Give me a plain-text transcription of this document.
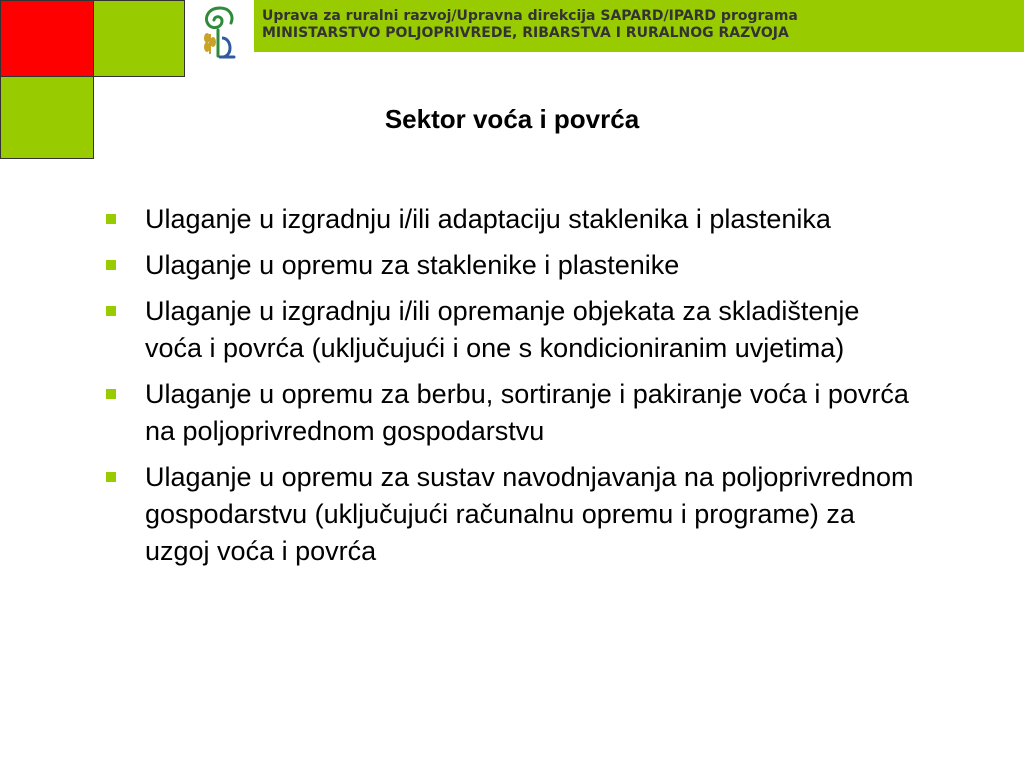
Uprava za ruralni razvoj/Upravna direkcija SAPARD/IPARD programa
MINISTARSTVO POLJOPRIVREDE, RIBARSTVA I RURALNOG RAZVOJA
Sektor voća i povrća
Ulaganje u izgradnju i/ili adaptaciju staklenika i plastenika
Ulaganje u opremu za staklenike i plastenike
Ulaganje u izgradnju i/ili opremanje objekata za skladištenje voća i povrća (uključujući i one s kondicioniranim uvjetima)
Ulaganje u opremu za berbu, sortiranje i pakiranje voća i povrća na poljoprivrednom gospodarstvu
Ulaganje u opremu za sustav navodnjavanja na poljoprivrednom gospodarstvu (uključujući računalnu opremu i programe) za uzgoj voća i povrća
